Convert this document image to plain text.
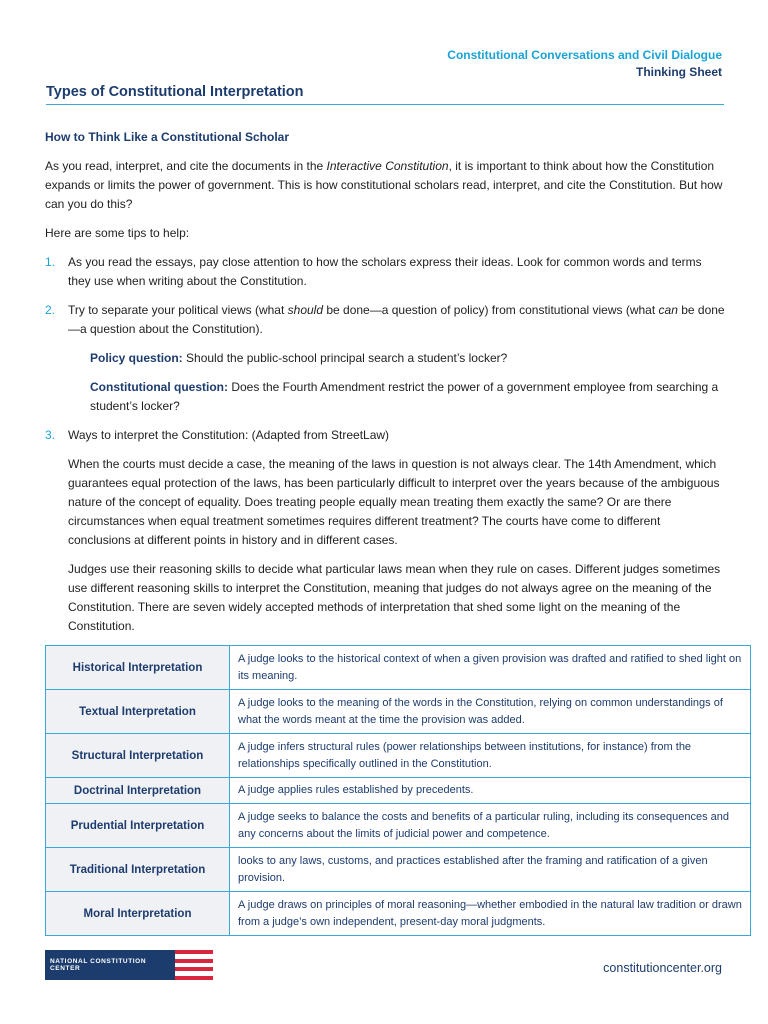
Constitutional Conversations and Civil Dialogue
Thinking Sheet
Types of Constitutional Interpretation
How to Think Like a Constitutional Scholar

As you read, interpret, and cite the documents in the Interactive Constitution, it is important to think about how the Constitution expands or limits the power of government. This is how constitutional scholars read, interpret, and cite the Constitution. But how can you do this?

Here are some tips to help:

1.	As you read the essays, pay close attention to how the scholars express their ideas. Look for common words and terms they use when writing about the Constitution.
2.	Try to separate your political views (what should be done—a question of policy) from constitutional views (what can be done—a question about the Constitution).

Policy question: Should the public-school principal search a student’s locker?

Constitutional question: Does the Fourth Amendment restrict the power of a government employee from searching a student’s locker?

3.	Ways to interpret the Constitution: (Adapted from StreetLaw)

When the courts must decide a case, the meaning of the laws in question is not always clear. The 14th Amendment, which guarantees equal protection of the laws, has been particularly difficult to interpret over the years because of the ambiguous nature of the concept of equality. Does treating people equally mean treating them exactly the same? Or are there circumstances when equal treatment sometimes requires different treatment? The courts have come to different conclusions at different points in history and in different cases.

Judges use their reasoning skills to decide what particular laws mean when they rule on cases. Different judges sometimes use different reasoning skills to interpret the Constitution, meaning that judges do not always agree on the meaning of the Constitution. There are seven widely accepted methods of interpretation that shed some light on the meaning of the Constitution.

Historical Interpretation	A judge looks to the historical context of when a given provision was drafted and ratified to shed light on its meaning.
Textual Interpretation	A judge looks to the meaning of the words in the Constitution, relying on common understandings of what the words meant at the time the provision was added.
Structural Interpretation	A judge infers structural rules (power relationships between institutions, for instance) from the relationships specifically outlined in the Constitution.
Doctrinal Interpretation	A judge applies rules established by precedents.
Prudential Interpretation	A judge seeks to balance the costs and benefits of a particular ruling, including its consequences and any concerns about the limits of judicial power and competence.
Traditional Interpretation	looks to any laws, customs, and practices established after the framing and ratification of a given provision.
Moral Interpretation	A judge draws on principles of moral reasoning—whether embodied in the natural law tradition or drawn from a judge’s own independent, present-day moral judgments.
NATIONAL CONSTITUTION CENTER	constitutioncenter.org
